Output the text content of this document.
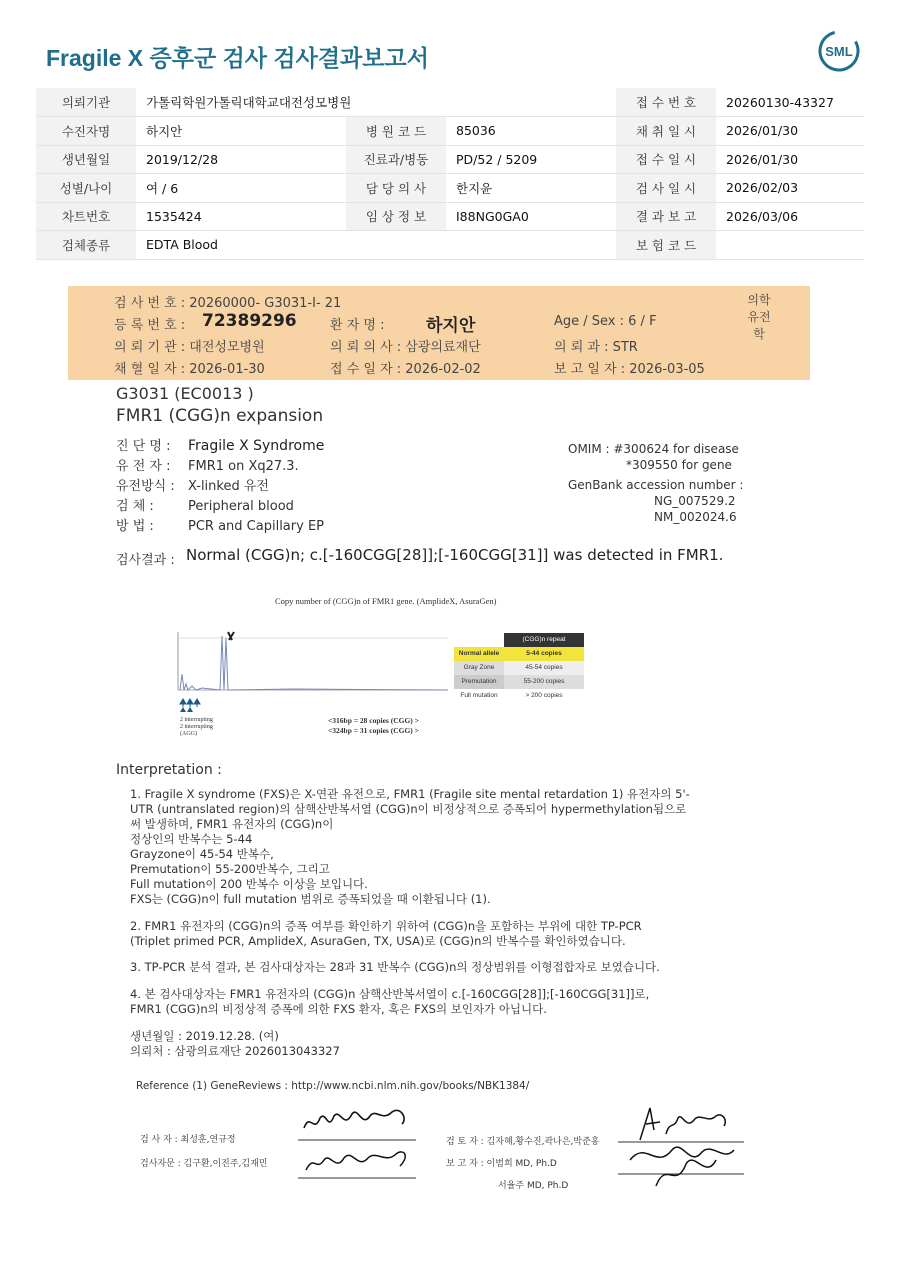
Fragile X 증후군 검사 검사결과보고서	SML
의뢰기관	가톨릭학원가톨릭대학교대전성모병원			접 수 번 호	20260130-43327
수진자명	하지안	병 원 코 드	85036	채 취 일 시	2026/01/30
생년월일	2019/12/28	진료과/병동	PD/52 / 5209	접 수 일 시	2026/01/30
성별/나이	여 / 6	담 당 의 사	한지윤	검 사 일 시	2026/02/03
차트번호	1535424	임 상 정 보	I88NG0GA0	결 과 보 고	2026/03/06
검체종류	EDTA Blood			보 험 코 드	
검 사 번 호 : 20260000- G3031-I- 21
등 록 번 호 : 72389296	환 자 명 : 하지안	Age / Sex : 6 / F
의 뢰 기 관 : 대전성모병원	의 뢰 의 사 : 삼광의료재단	의 뢰 과 : STR
채 혈 일 자 : 2026-01-30	접 수 일 자 : 2026-02-02	보 고 일 자 : 2026-03-05
의학유전학
G3031 (EC0013 )
FMR1 (CGG)n expansion
진 단 명 : Fragile X Syndrome
유 전 자 : FMR1 on Xq27.3.
유전방식 : X-linked 유전
검 체 :	Peripheral blood
방 법 :	PCR and Capillary EP
OMIM : #300624 for disease
*309550 for gene
GenBank accession number :
NG_007529.2
NM_002024.6
검사결과 : Normal (CGG)n; c.[-160CGG[28]];[-160CGG[31]] was detected in FMR1.
Copy number of (CGG)n of FMR1 gene. (AmplideX, AsuraGen)
2 interrupting
2 interrupting
(AGG)
<316bp = 28 copies (CGG) >
<324bp = 31 copies (CGG) >
(CGG)n repeat
Normal allele	5-44 copies
Gray Zone	45-54 copies
Premutation	55-200 copies
Full mutation	> 200 copies
Interpretation :
1. Fragile X syndrome (FXS)은 X-연관 유전으로, FMR1 (Fragile site mental retardation 1) 유전자의 5'-
UTR (untranslated region)의 삼핵산반복서열 (CGG)n이 비정상적으로 증폭되어 hypermethylation됨으로
써 발생하며, FMR1 유전자의 (CGG)n이
정상인의 반복수는 5-44
Grayzone이 45-54 반복수,
Premutation이 55-200반복수, 그리고
Full mutation이 200 반복수 이상을 보입니다.
FXS는 (CGG)n이 full mutation 범위로 증폭되었을 때 이환됩니다 (1).
2. FMR1 유전자의 (CGG)n의 증폭 여부를 확인하기 위하여 (CGG)n을 포함하는 부위에 대한 TP-PCR
(Triplet primed PCR, AmplideX, AsuraGen, TX, USA)로 (CGG)n의 반복수를 확인하였습니다.
3. TP-PCR 분석 결과, 본 검사대상자는 28과 31 반복수 (CGG)n의 정상범위를 이형접합자로 보였습니다.
4. 본 검사대상자는 FMR1 유전자의 (CGG)n 삼핵산반복서열이 c.[-160CGG[28]];[-160CGG[31]]로,
FMR1 (CGG)n의 비정상적 증폭에 의한 FXS 환자, 혹은 FXS의 보인자가 아닙니다.
생년월일 : 2019.12.28. (여)
의뢰처 : 삼광의료재단 2026013043327
Reference (1) GeneReviews : http://www.ncbi.nlm.nih.gov/books/NBK1384/
검 사 자 : 최성훈,연규정
검사자문 : 김구환,이진주,김재민
검 토 자 : 김자혜,황수진,곽나은,박준홍
보 고 자 : 이범희 MD, Ph.D
서율주 MD, Ph.D
